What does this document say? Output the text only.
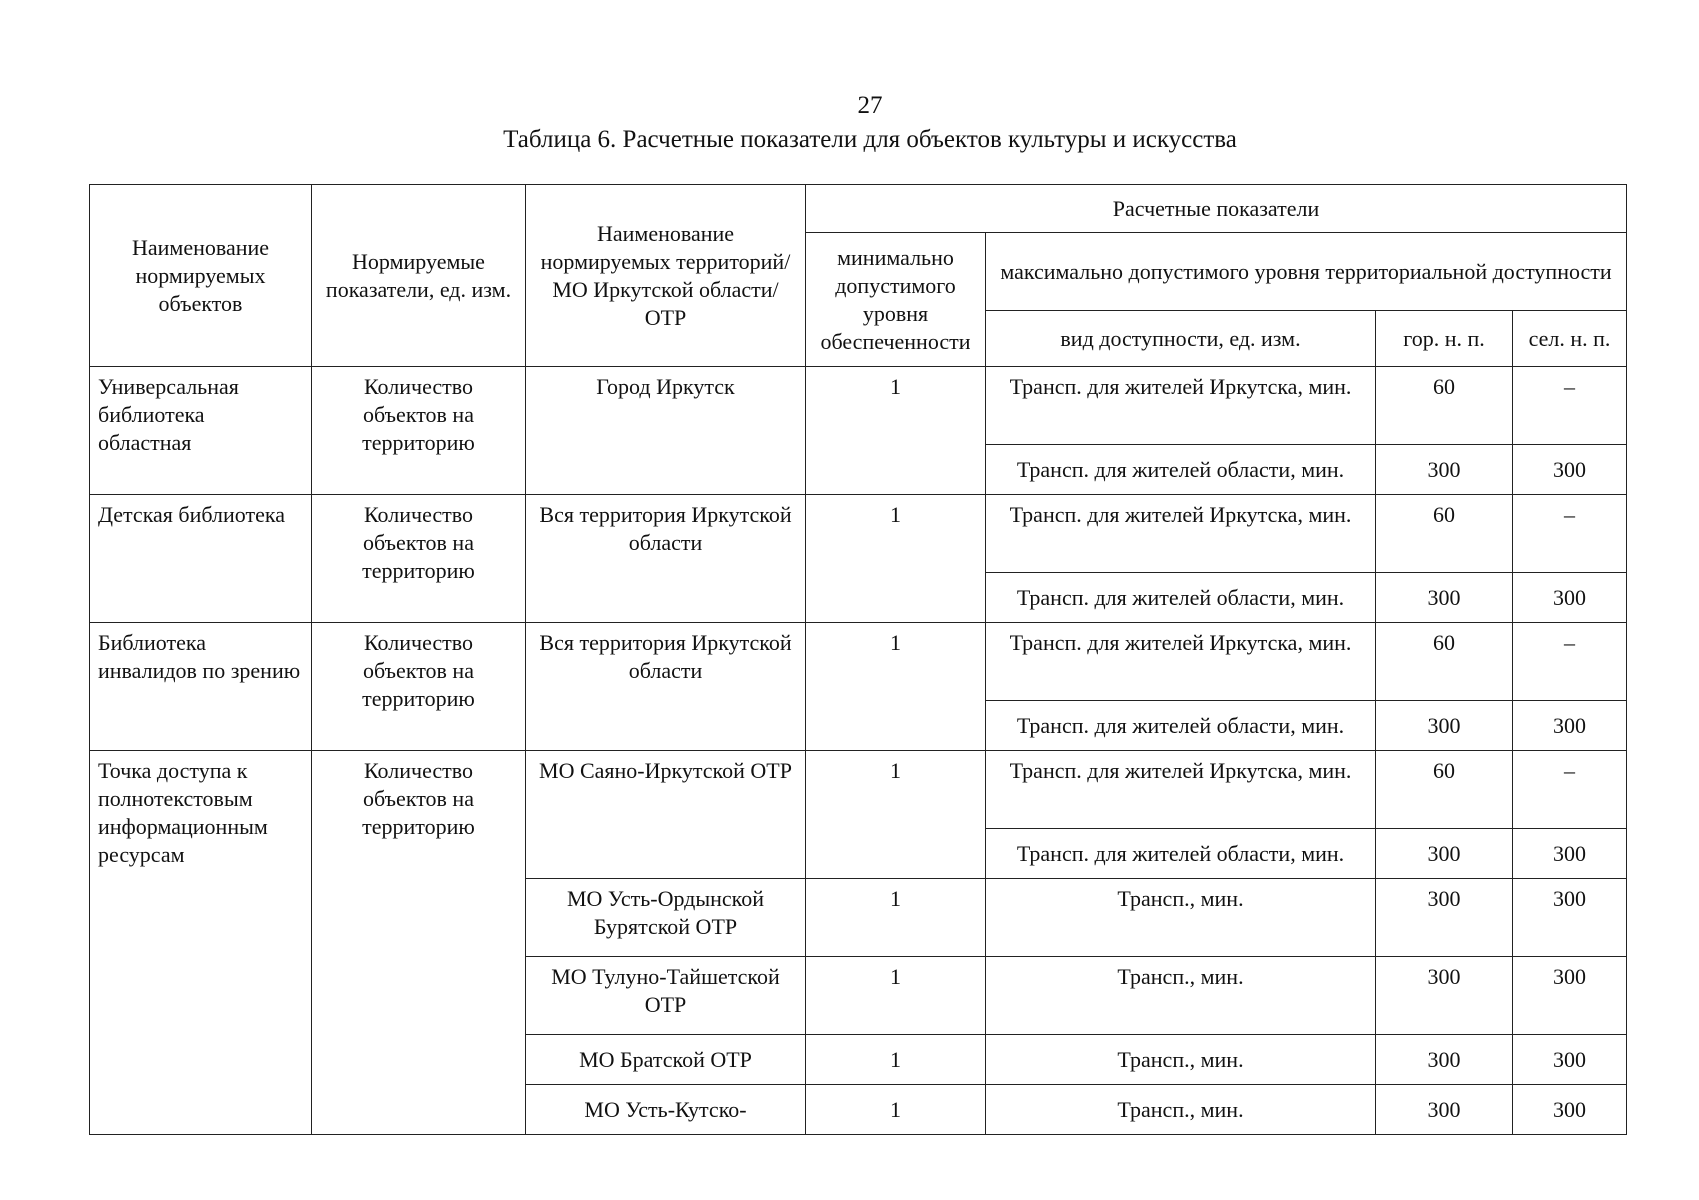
27
Таблица 6. Расчетные показатели для объектов культуры и искусства
Наименование нормируемых объектов	Нормируемые показатели, ед. изм.	Наименование нормируемых территорий/МО Иркутской области/ОТР	Расчетные показатели			
			минимально допустимого уровня обеспеченности	максимально допустимого уровня территориальной доступности		
				вид доступности, ед. изм.	гор. н. п.	сел. н. п.
Универсальная библиотека областная	Количество объектов на территорию	Город Иркутск	1	Трансп. для жителей Иркутска, мин.	60	–
				Трансп. для жителей области, мин.	300	300
Детская библиотека	Количество объектов на территорию	Вся территория Иркутской области	1	Трансп. для жителей Иркутска, мин.	60	–
				Трансп. для жителей области, мин.	300	300
Библиотека инвалидов по зрению	Количество объектов на территорию	Вся территория Иркутской области	1	Трансп. для жителей Иркутска, мин.	60	–
				Трансп. для жителей области, мин.	300	300
Точка доступа к полнотекстовым информационным ресурсам	Количество объектов на территорию	МО Саяно-Иркутской ОТР	1	Трансп. для жителей Иркутска, мин.	60	–
				Трансп. для жителей области, мин.	300	300
		МО Усть-Ордынской Бурятской ОТР	1	Трансп., мин.	300	300
		МО Тулуно-Тайшетской ОТР	1	Трансп., мин.	300	300
		МО Братской ОТР	1	Трансп., мин.	300	300
		МО Усть-Кутско-	1	Трансп., мин.	300	300
